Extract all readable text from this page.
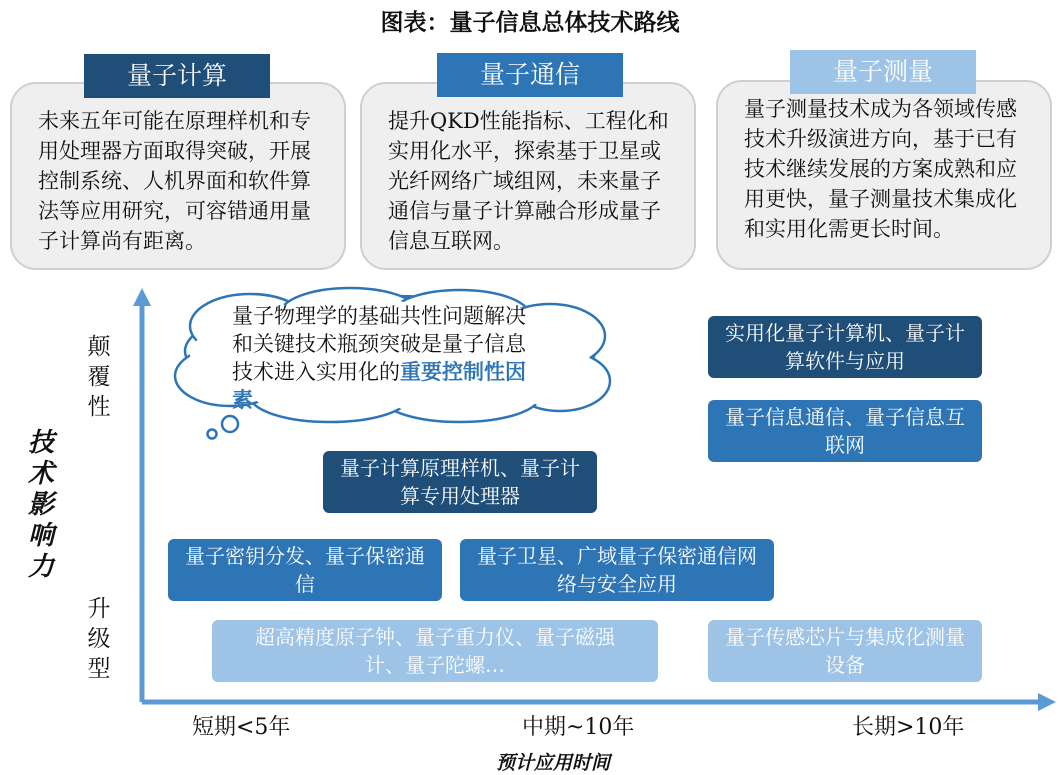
图表：量子信息总体技术路线
未来五年可能在原理样机和专用处理器方面取得突破，开展控制系统、人机界面和软件算法等应用研究，可容错通用量子计算尚有距离。
量子计算
提升QKD性能指标、工程化和实用化水平，探索基于卫星或光纤网络广域组网，未来量子通信与量子计算融合形成量子信息互联网。
量子通信
量子测量技术成为各领域传感技术升级演进方向，基于已有技术继续发展的方案成熟和应用更快，量子测量技术集成化和实用化需更长时间。
量子测量
量子物理学的基础共性问题解决和关键技术瓶颈突破是量子信息技术进入实用化的重要控制性因素
颠覆性
技术影响力
升级型
短期<5年	中期~10年	长期>10年
预计应用时间
实用化量子计算机、量子计算软件与应用
量子信息通信、量子信息互联网
量子计算原理样机、量子计算专用处理器
量子密钥分发、量子保密通信
量子卫星、广域量子保密通信网络与安全应用
超高精度原子钟、量子重力仪、量子磁强计、量子陀螺…
量子传感芯片与集成化测量设备
